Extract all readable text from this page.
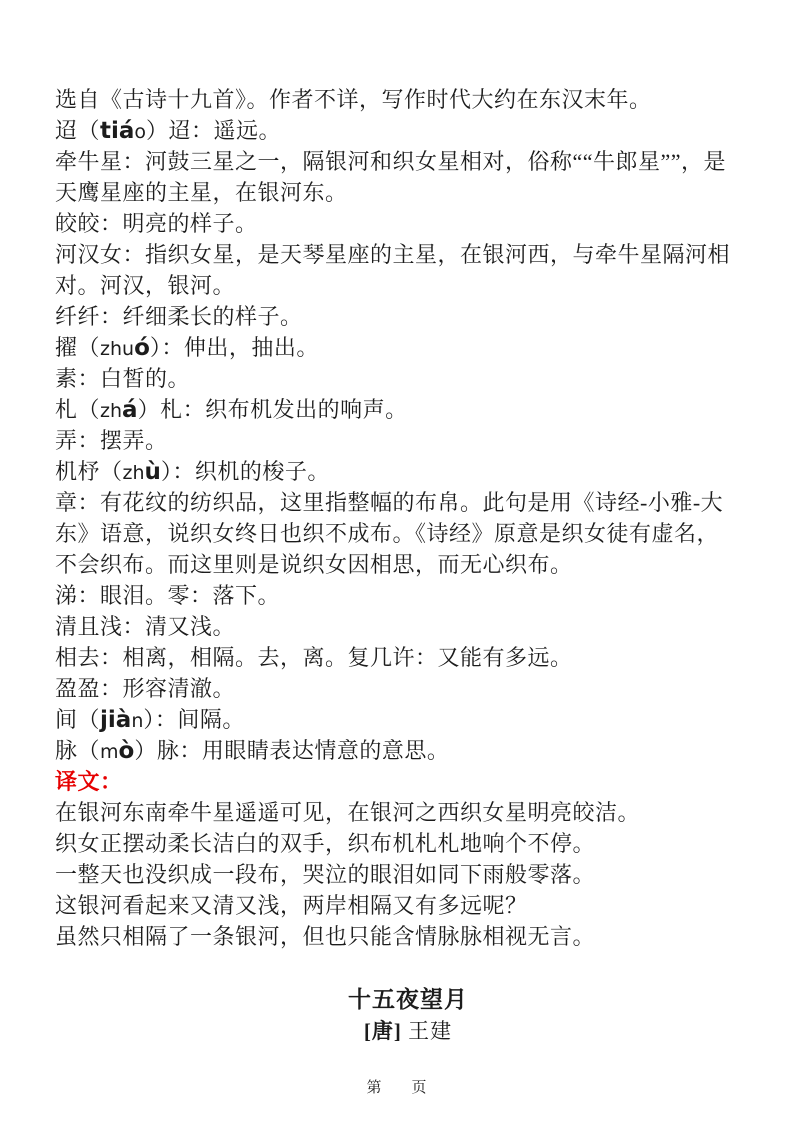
选自《古诗十九首》。作者不详，写作时代大约在东汉末年。
迢（tiáo）迢：遥远。
牵牛星：河鼓三星之一，隔银河和织女星相对，俗称““牛郎星””，是
天鹰星座的主星，在银河东。
皎皎：明亮的样子。
河汉女：指织女星，是天琴星座的主星，在银河西，与牵牛星隔河相
对。河汉，银河。
纤纤：纤细柔长的样子。
擢（zhuó）：伸出，抽出。
素：白皙的。
札（zhá）札：织布机发出的响声。
弄：摆弄。
机杼（zhù）：织机的梭子。
章：有花纹的纺织品，这里指整幅的布帛。此句是用《诗经-小雅-大
东》语意，说织女终日也织不成布。《诗经》原意是织女徒有虚名，
不会织布。而这里则是说织女因相思，而无心织布。
涕：眼泪。零：落下。
清且浅：清又浅。
相去：相离，相隔。去，离。复几许：又能有多远。
盈盈：形容清澈。
间（jiàn）：间隔。
脉（mò）脉：用眼睛表达情意的意思。
译文：
在银河东南牵牛星遥遥可见，在银河之西织女星明亮皎洁。
织女正摆动柔长洁白的双手，织布机札札地响个不停。
一整天也没织成一段布，哭泣的眼泪如同下雨般零落。
这银河看起来又清又浅，两岸相隔又有多远呢？
虽然只相隔了一条银河，但也只能含情脉脉相视无言。
十五夜望月
[唐] 王建
第　　页
